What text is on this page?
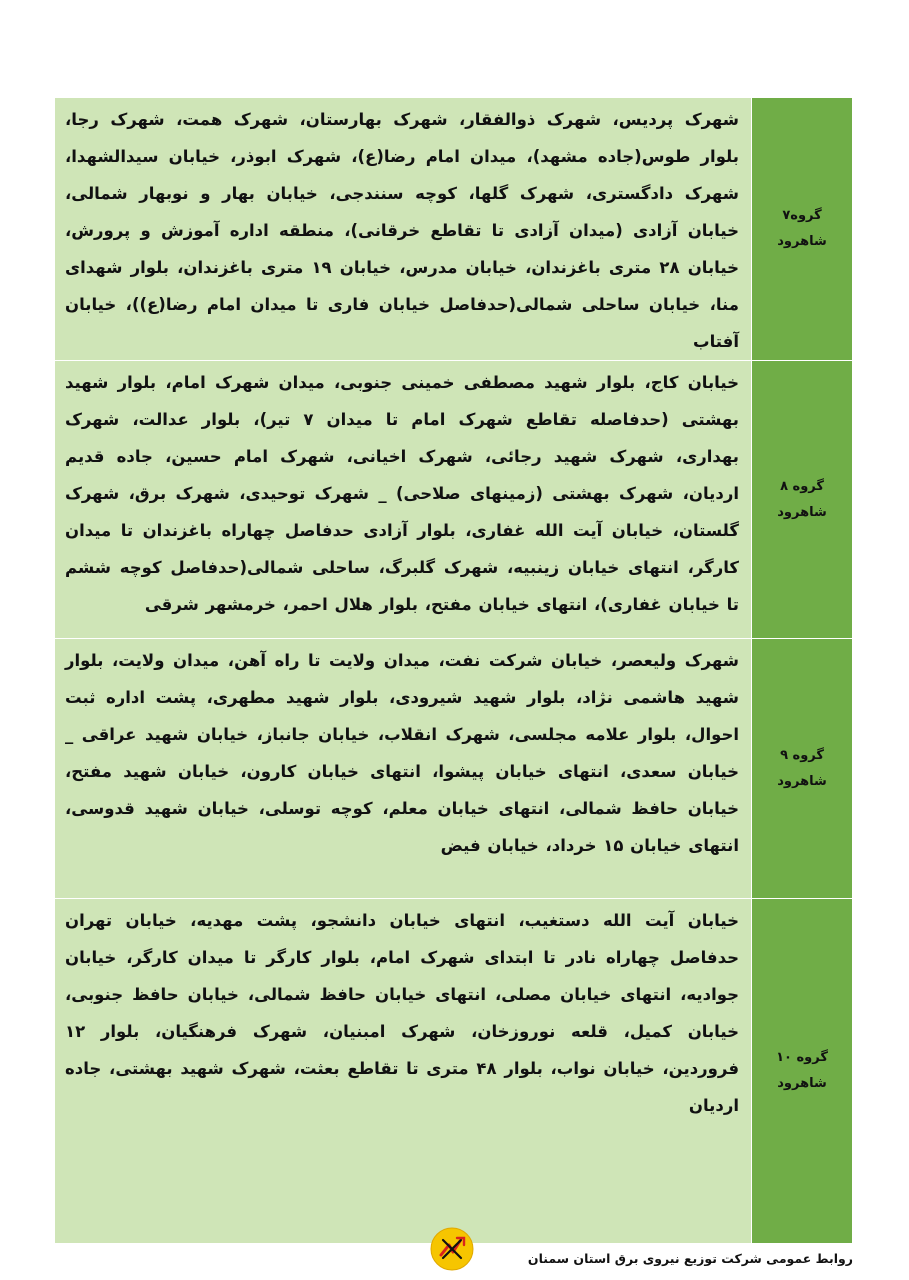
گروه۷
شاهرود	شهرک پردیس، شهرک ذوالفقار، شهرک بهارستان، شهرک همت، شهرک رجا، بلوار طوس(جاده مشهد)، میدان امام رضا(ع)، شهرک ابوذر، خیابان سیدالشهدا، شهرک دادگستری، شهرک گلها، کوچه سنندجی، خیابان بهار و نوبهار شمالی، خیابان آزادی (میدان آزادی تا تقاطع خرقانی)، منطقه اداره آموزش و پرورش، خیابان ۲۸ متری باغزندان، خیابان مدرس، خیابان ۱۹ متری باغزندان، بلوار شهدای منا، خیابان ساحلی شمالی(حدفاصل خیابان فاری تا میدان امام رضا(ع))، خیابان آفتاب

گروه ۸
شاهرود	خیابان کاج، بلوار شهید مصطفی خمینی جنوبی، میدان شهرک امام، بلوار شهید بهشتی (حدفاصله تقاطع شهرک امام تا میدان ۷ تیر)، بلوار عدالت، شهرک بهداری، شهرک شهید رجائی، شهرک اخیانی، شهرک امام حسین، جاده قدیم اردیان، شهرک بهشتی (زمینهای صلاحی) _ شهرک توحیدی، شهرک برق، شهرک گلستان، خیابان آیت الله غفاری، بلوار آزادی حدفاصل چهاراه باغزندان تا میدان کارگر، انتهای خیابان زینبیه، شهرک گلبرگ، ساحلی شمالی(حدفاصل کوچه ششم تا خیابان غفاری)، انتهای خیابان مفتح، بلوار هلال احمر، خرمشهر شرقی

گروه ۹
شاهرود	شهرک ولیعصر، خیابان شرکت نفت، میدان ولایت تا راه آهن، میدان ولایت، بلوار شهید هاشمی نژاد، بلوار شهید شیرودی، بلوار شهید مطهری، پشت اداره ثبت احوال، بلوار علامه مجلسی، شهرک انقلاب، خیابان جانباز، خیابان شهید عراقی _ خیابان سعدی، انتهای خیابان پیشوا، انتهای خیابان کارون، خیابان شهید مفتح، خیابان حافظ شمالی، انتهای خیابان معلم، کوچه توسلی، خیابان شهید قدوسی، انتهای خیابان ۱۵ خرداد، خیابان فیض

گروه ۱۰
شاهرود	خیابان آیت الله دستغیب، انتهای خیابان دانشجو، پشت مهدیه، خیابان تهران حدفاصل چهاراه نادر تا ابتدای شهرک امام، بلوار کارگر تا میدان کارگر، خیابان جوادیه، انتهای خیابان مصلی، انتهای خیابان حافظ شمالی، خیابان حافظ جنوبی، خیابان کمیل، قلعه نوروزخان، شهرک امبنیان، شهرک فرهنگیان، بلوار ۱۲ فروردین، خیابان نواب، بلوار ۴۸ متری تا تقاطع بعثت، شهرک شهید بهشتی، جاده اردیان
روابط عمومی شرکت توزیع نیروی برق استان سمنان
